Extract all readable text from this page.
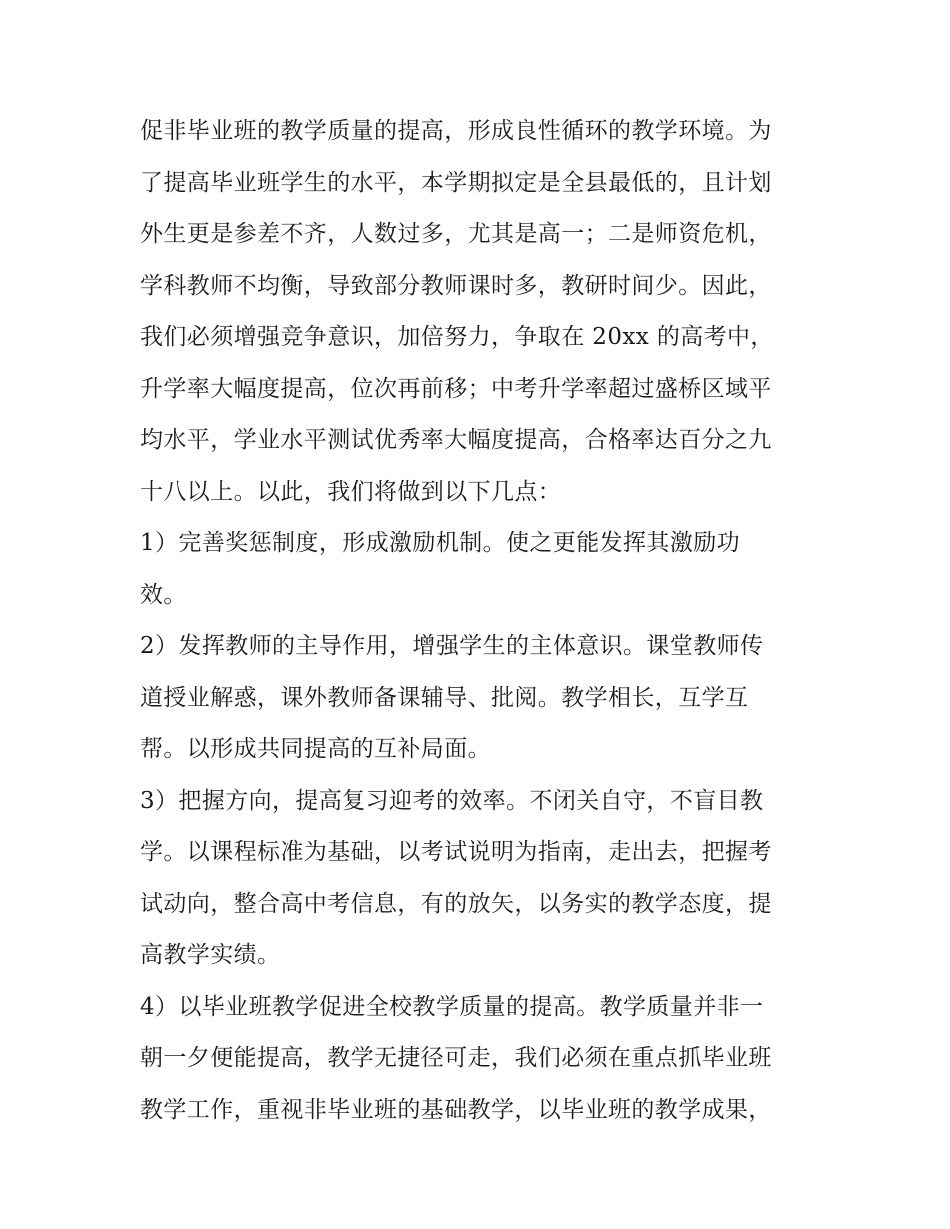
促非毕业班的教学质量的提高，形成良性循环的教学环境。为
了提高毕业班学生的水平，本学期拟定是全县最低的，且计划
外生更是参差不齐，人数过多，尤其是高一；二是师资危机，
学科教师不均衡，导致部分教师课时多，教研时间少。因此，
我们必须增强竞争意识，加倍努力，争取在 20xx 的高考中，
升学率大幅度提高，位次再前移；中考升学率超过盛桥区域平
均水平，学业水平测试优秀率大幅度提高，合格率达百分之九
十八以上。以此，我们将做到以下几点：
1）完善奖惩制度，形成激励机制。使之更能发挥其激励功
效。
2）发挥教师的主导作用，增强学生的主体意识。课堂教师传
道授业解惑，课外教师备课辅导、批阅。教学相长，互学互
帮。以形成共同提高的互补局面。
3）把握方向，提高复习迎考的效率。不闭关自守，不盲目教
学。以课程标准为基础，以考试说明为指南，走出去，把握考
试动向，整合高中考信息，有的放矢，以务实的教学态度，提
高教学实绩。
4）以毕业班教学促进全校教学质量的提高。教学质量并非一
朝一夕便能提高，教学无捷径可走，我们必须在重点抓毕业班
教学工作，重视非毕业班的基础教学，以毕业班的教学成果，
